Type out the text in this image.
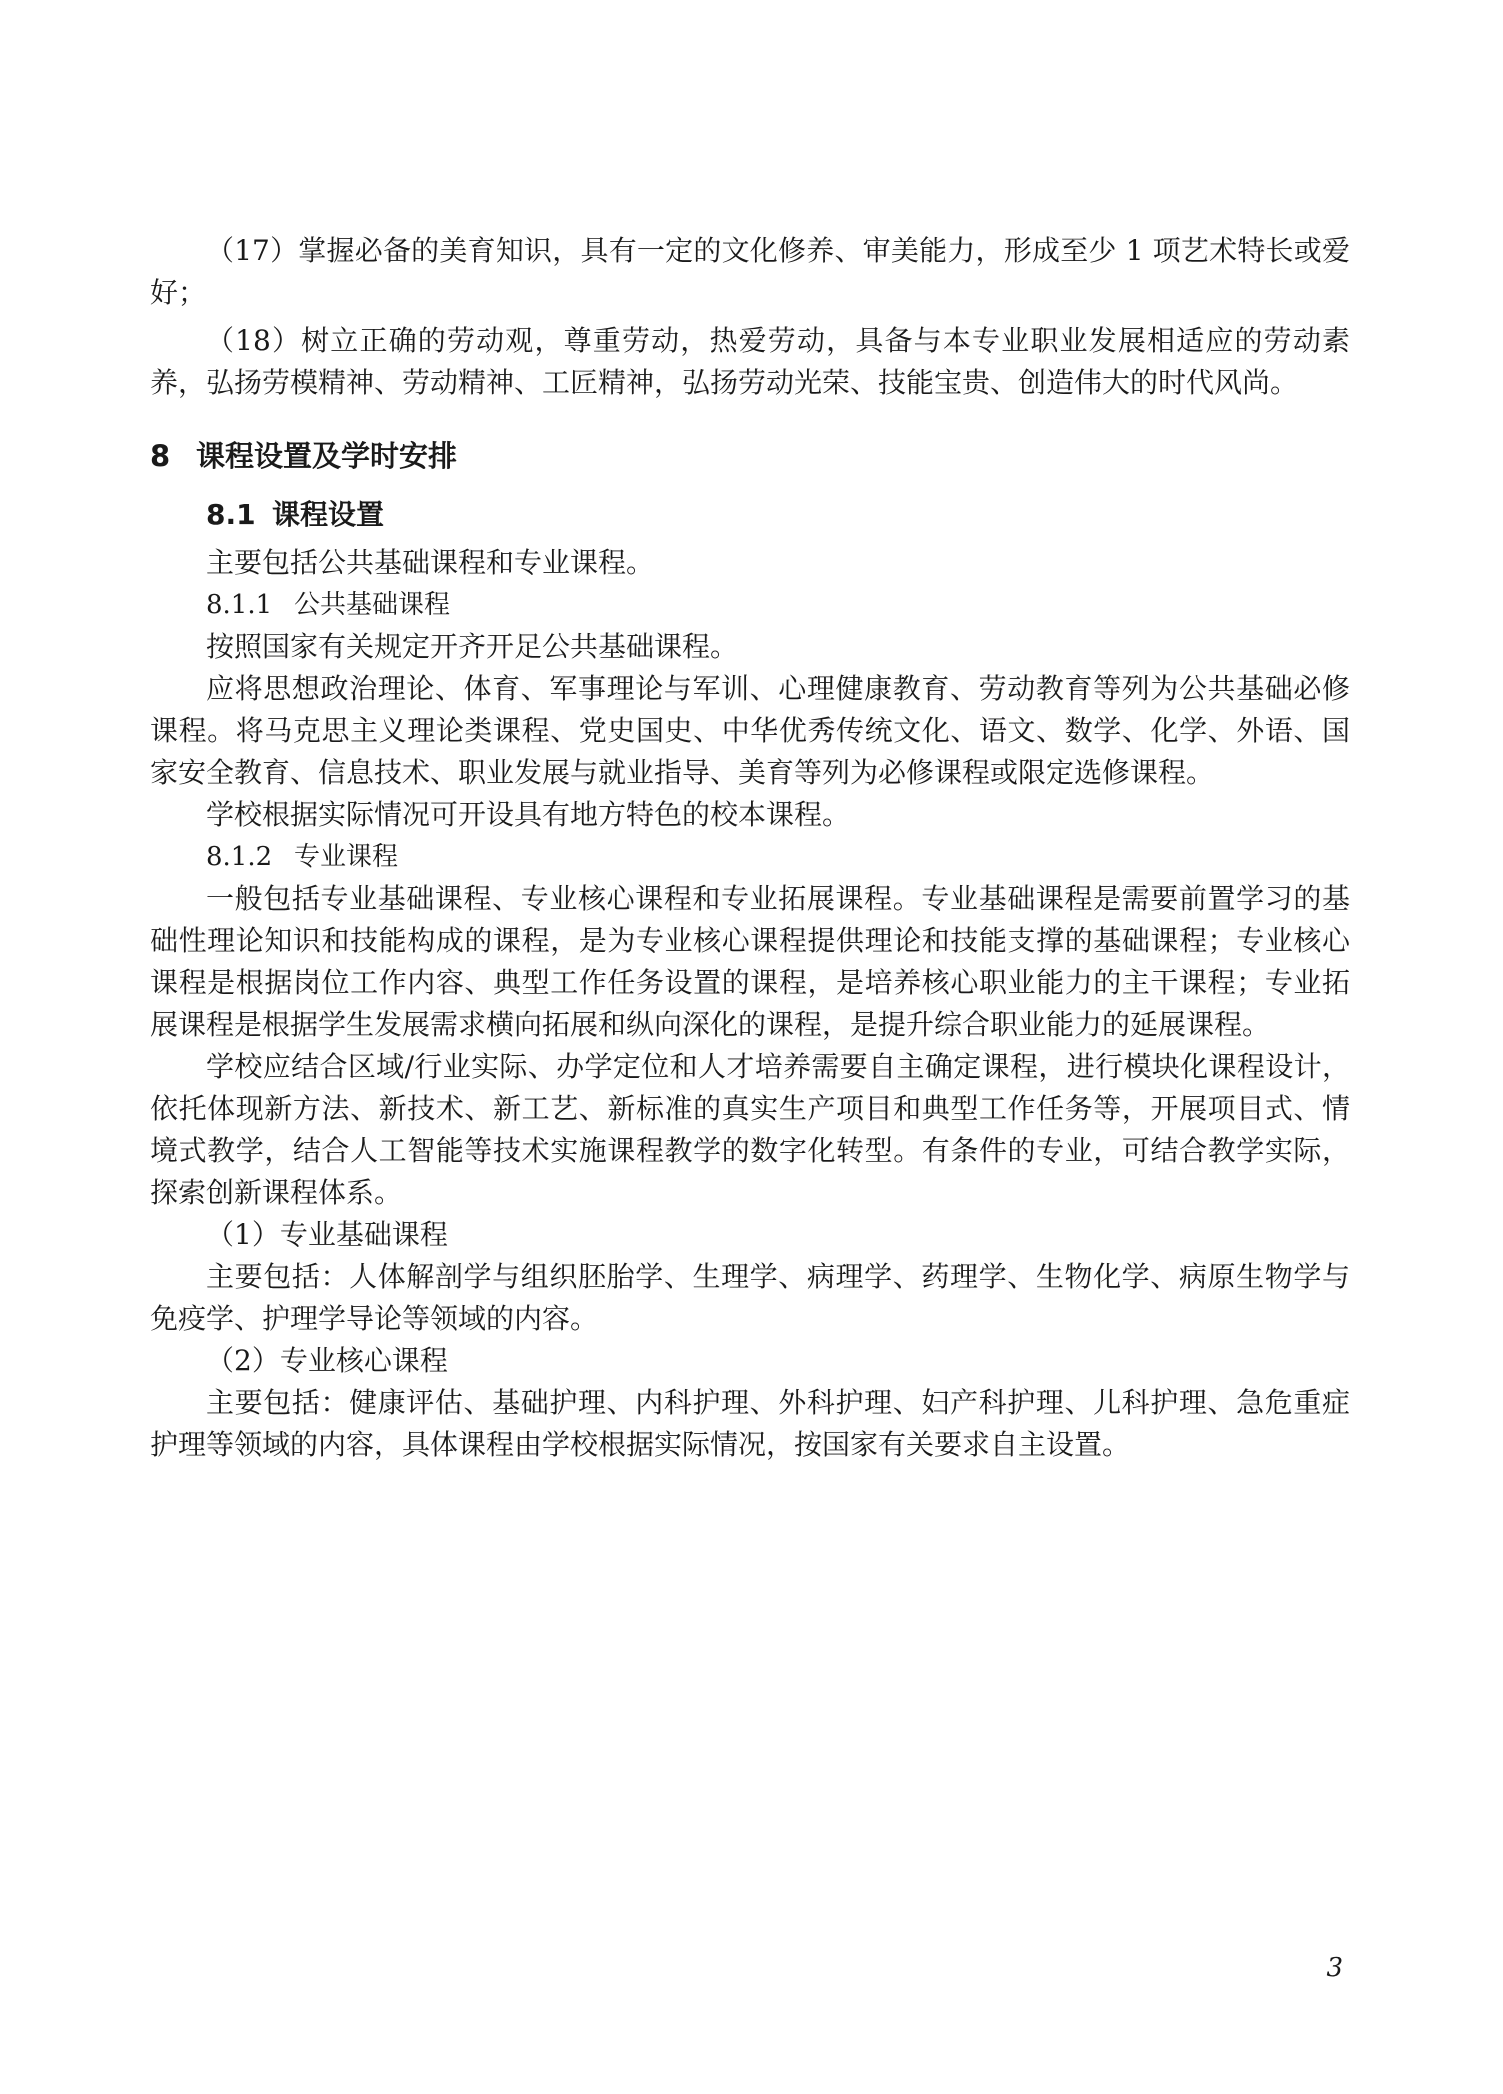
（17）掌握必备的美育知识，具有一定的文化修养、审美能力，形成至少 1 项艺术特长或爱好；

（18）树立正确的劳动观，尊重劳动，热爱劳动，具备与本专业职业发展相适应的劳动素养，弘扬劳模精神、劳动精神、工匠精神，弘扬劳动光荣、技能宝贵、创造伟大的时代风尚。

8 课程设置及学时安排
8.1 课程设置

主要包括公共基础课程和专业课程。

8.1.1 公共基础课程

按照国家有关规定开齐开足公共基础课程。

应将思想政治理论、体育、军事理论与军训、心理健康教育、劳动教育等列为公共基础必修课程。将马克思主义理论类课程、党史国史、中华优秀传统文化、语文、数学、化学、外语、国家安全教育、信息技术、职业发展与就业指导、美育等列为必修课程或限定选修课程。

学校根据实际情况可开设具有地方特色的校本课程。

8.1.2 专业课程

一般包括专业基础课程、专业核心课程和专业拓展课程。专业基础课程是需要前置学习的基础性理论知识和技能构成的课程，是为专业核心课程提供理论和技能支撑的基础课程；专业核心课程是根据岗位工作内容、典型工作任务设置的课程，是培养核心职业能力的主干课程；专业拓展课程是根据学生发展需求横向拓展和纵向深化的课程，是提升综合职业能力的延展课程。

学校应结合区域/行业实际、办学定位和人才培养需要自主确定课程，进行模块化课程设计，依托体现新方法、新技术、新工艺、新标准的真实生产项目和典型工作任务等，开展项目式、情境式教学，结合人工智能等技术实施课程教学的数字化转型。有条件的专业，可结合教学实际，探索创新课程体系。

（1）专业基础课程

主要包括：人体解剖学与组织胚胎学、生理学、病理学、药理学、生物化学、病原生物学与免疫学、护理学导论等领域的内容。

（2）专业核心课程

主要包括：健康评估、基础护理、内科护理、外科护理、妇产科护理、儿科护理、急危重症护理等领域的内容，具体课程由学校根据实际情况，按国家有关要求自主设置。

3
